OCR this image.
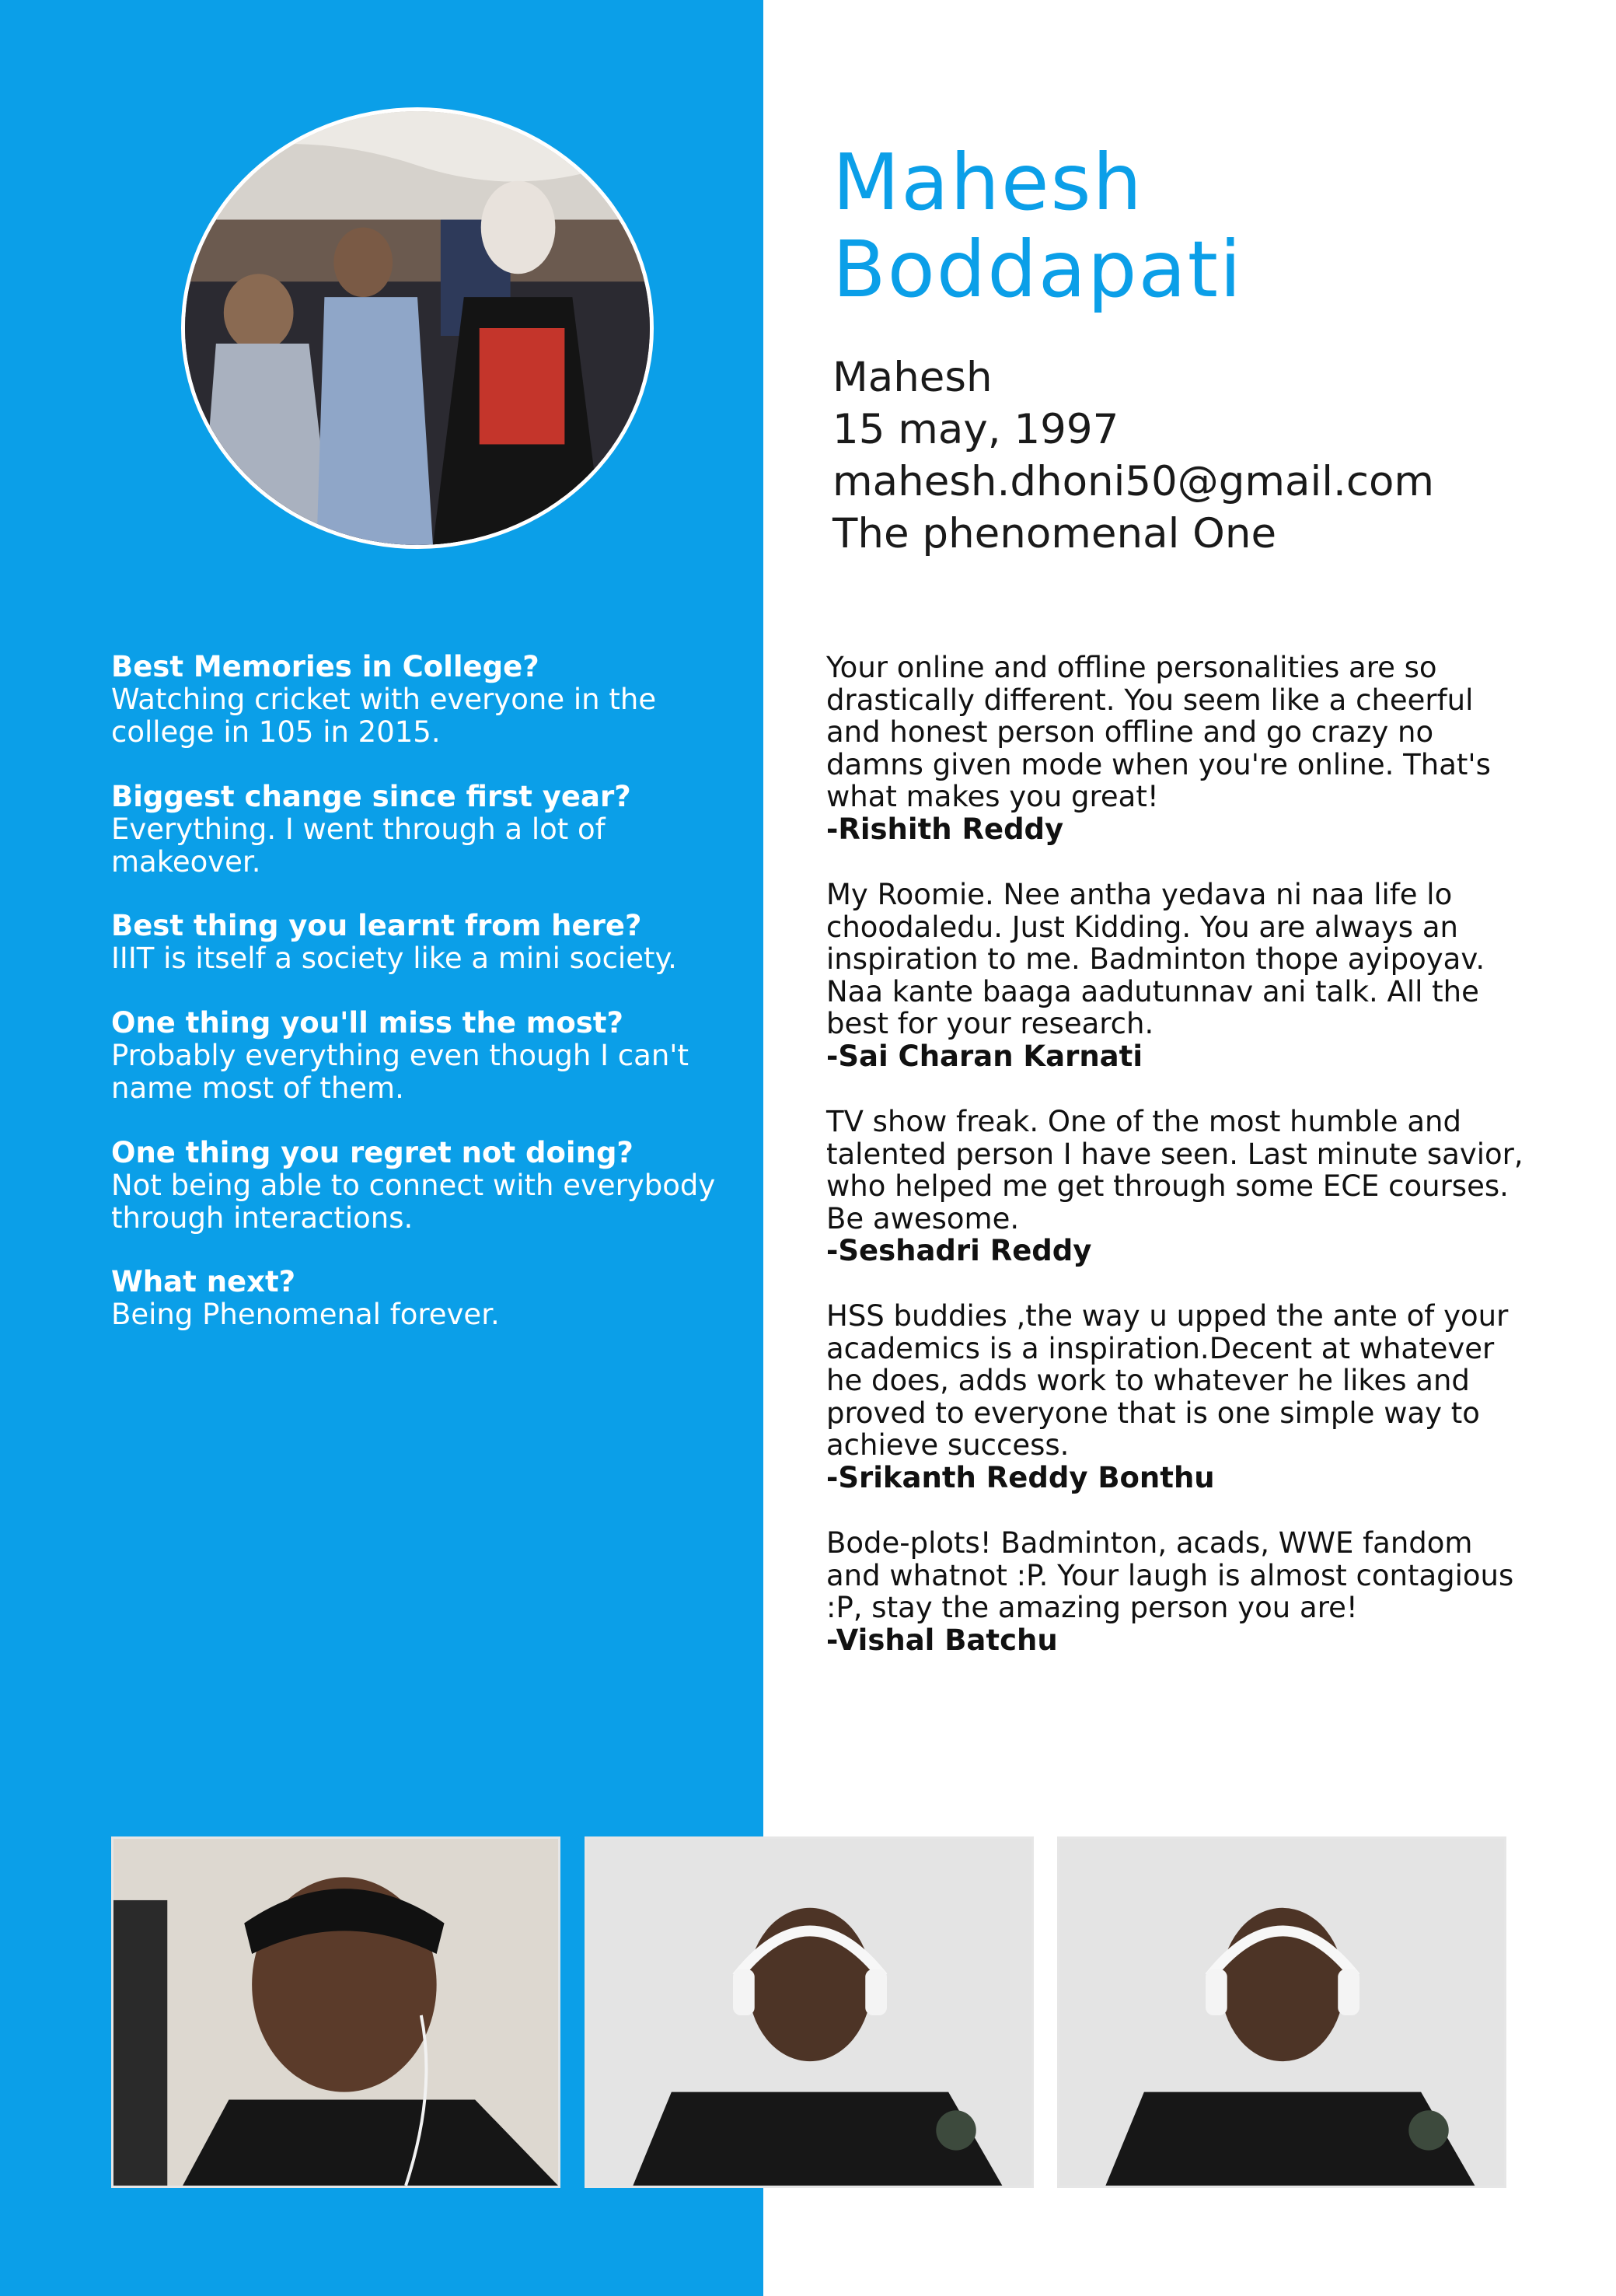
Mahesh
Boddapati
Mahesh
15 may, 1997
mahesh.dhoni50@gmail.com
The phenomenal One
Best Memories in College?
Watching cricket with everyone in the college in 105 in 2015.
Biggest change since first year?
Everything. I went through a lot of makeover.
Best thing you learnt from here?
IIIT is itself a society like a mini society.
One thing you'll miss the most?
Probably everything even though I can't name most of them.
One thing you regret not doing?
Not being able to connect with everybody through interactions.
What next?
Being Phenomenal forever.
Your online and offline personalities are so drastically different. You seem like a cheerful and honest person offline and go crazy no damns given mode when you're online. That's what makes you great!
-Rishith Reddy
My Roomie. Nee antha yedava ni naa life lo choodaledu. Just Kidding. You are always an inspiration to me. Badminton thope ayipoyav. Naa kante baaga aadutunnav ani talk. All the best for your research.
-Sai Charan Karnati
TV show freak. One of the most humble and talented person I have seen. Last minute savior, who helped me get through some ECE courses. Be awesome.
-Seshadri Reddy
HSS buddies ,the way u upped the ante of your academics is a inspiration.Decent at whatever he does, adds work to whatever he likes and proved to everyone that is one simple way to achieve success.
-Srikanth Reddy Bonthu
Bode-plots! Badminton, acads, WWE fandom and whatnot :P. Your laugh is almost contagious :P, stay the amazing person you are!
-Vishal Batchu
